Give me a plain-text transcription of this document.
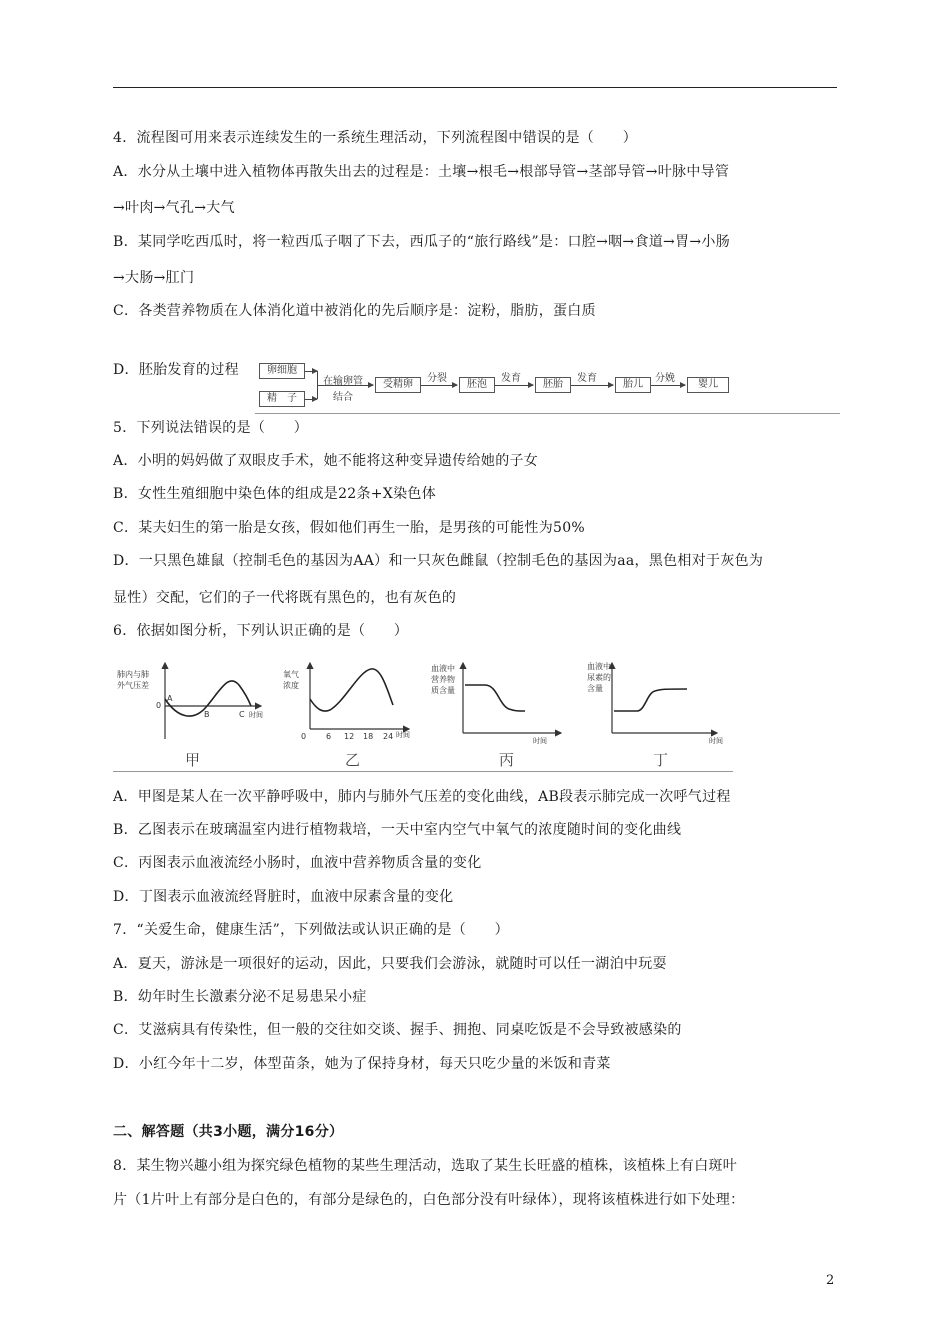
4．流程图可用来表示连续发生的一系统生理活动，下列流程图中错误的是（　　）
A．水分从土壤中进入植物体再散失出去的过程是：土壤→根毛→根部导管→茎部导管→叶脉中导管
→叶肉→气孔→大气
B．某同学吃西瓜时，将一粒西瓜子咽了下去，西瓜子的“旅行路线”是：口腔→咽→食道→胃→小肠
→大肠→肛门
C．各类营养物质在人体消化道中被消化的先后顺序是：淀粉，脂肪，蛋白质
D．胚胎发育的过程	卵细胞
精　子
在输卵管
结合
受精卵
分裂
胚泡
发育
胚胎
发育
胎儿
分娩
婴儿
5．下列说法错误的是（　　）
A．小明的妈妈做了双眼皮手术，她不能将这种变异遗传给她的子女
B．女性生殖细胞中染色体的组成是22条+X染色体
C．某夫妇生的第一胎是女孩，假如他们再生一胎，是男孩的可能性为50%
D．一只黑色雄鼠（控制毛色的基因为AA）和一只灰色雌鼠（控制毛色的基因为aa，黑色相对于灰色为
显性）交配，它们的子一代将既有黑色的，也有灰色的
6．依据如图分析，下列认识正确的是（　　）
肺内与肺
外气压差
0
A
B	C 时间
甲
氧气
浓度
0 6 12 18 24 时间
乙
血液中
营养物
质含量
时间
丙
血液中
尿素的
含量
时间
丁
A．甲图是某人在一次平静呼吸中，肺内与肺外气压差的变化曲线，AB段表示肺完成一次呼气过程
B．乙图表示在玻璃温室内进行植物栽培，一天中室内空气中氧气的浓度随时间的变化曲线
C．丙图表示血液流经小肠时，血液中营养物质含量的变化
D．丁图表示血液流经肾脏时，血液中尿素含量的变化
7．“关爱生命，健康生活”，下列做法或认识正确的是（　　）
A．夏天，游泳是一项很好的运动，因此，只要我们会游泳，就随时可以任一湖泊中玩耍
B．幼年时生长激素分泌不足易患呆小症
C．艾滋病具有传染性，但一般的交往如交谈、握手、拥抱、同桌吃饭是不会导致被感染的
D．小红今年十二岁，体型苗条，她为了保持身材，每天只吃少量的米饭和青菜
二、解答题（共3小题，满分16分）
8．某生物兴趣小组为探究绿色植物的某些生理活动，选取了某生长旺盛的植株，该植株上有白斑叶
片（1片叶上有部分是白色的，有部分是绿色的，白色部分没有叶绿体），现将该植株进行如下处理：
2
